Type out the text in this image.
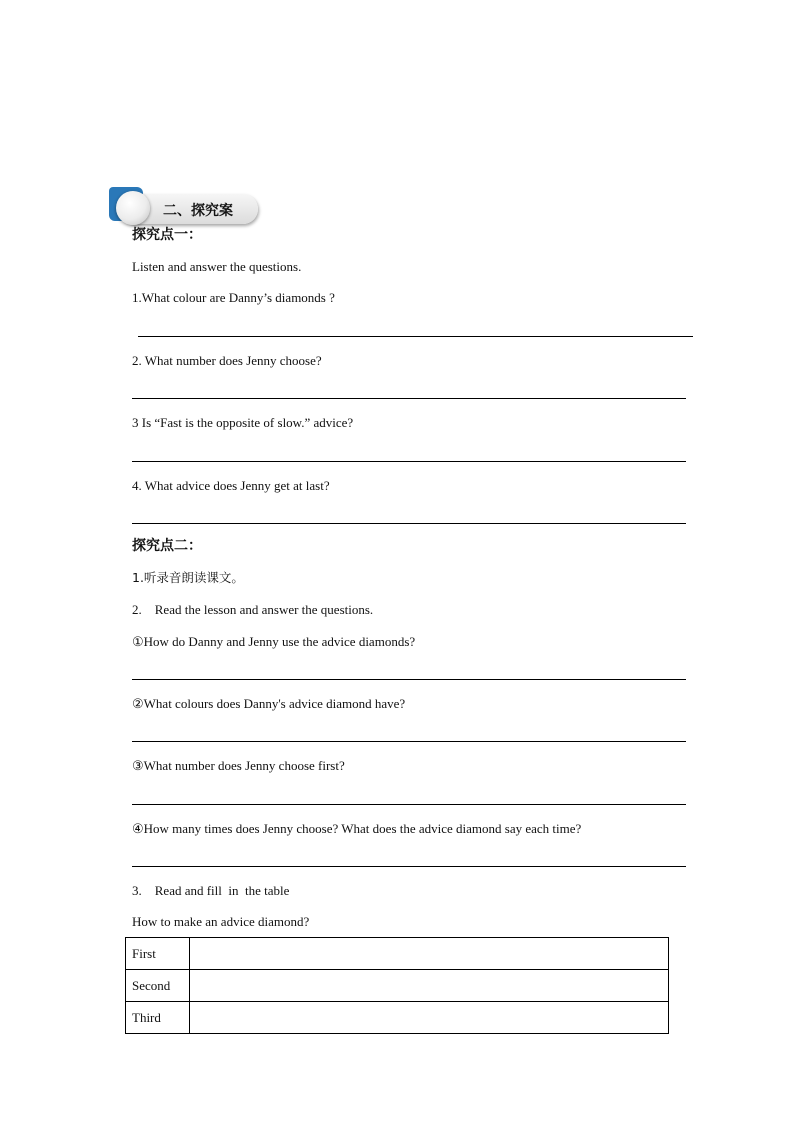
二、探究案
探究点一：
Listen and answer the questions.
1.What colour are Danny’s diamonds ?
2. What number does Jenny choose?
3 Is “Fast is the opposite of slow.” advice?
4. What advice does Jenny get at last?
探究点二：
1.听录音朗读课文。
2.    Read the lesson and answer the questions.
①How do Danny and Jenny use the advice diamonds?
②What colours does Danny's advice diamond have?
③What number does Jenny choose first?
④How many times does Jenny choose? What does the advice diamond say each time?
3.    Read and fill  in  the table
How to make an advice diamond?
First	
Second	
Third	
